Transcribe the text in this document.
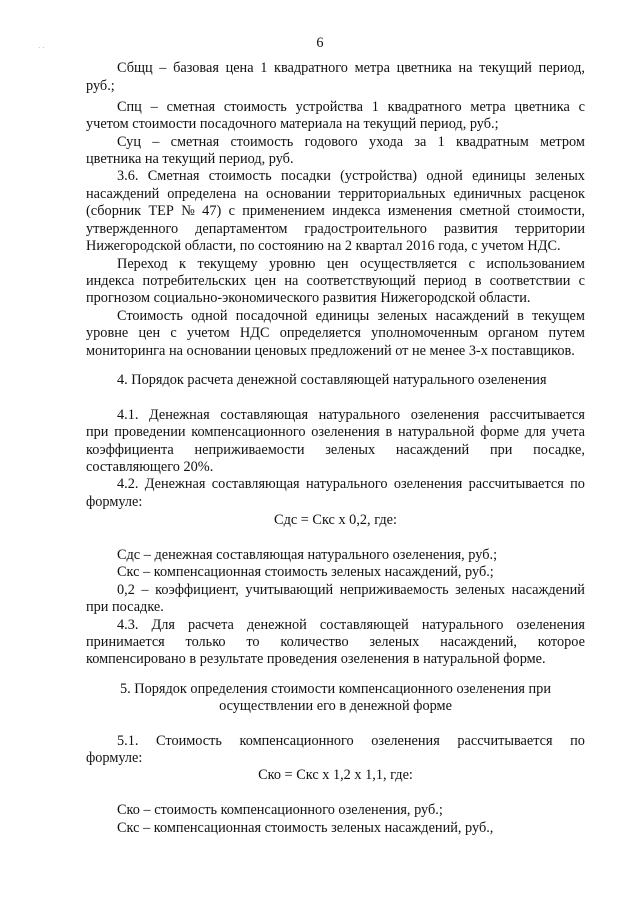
· ·	6
Сбщц – базовая цена 1 квадратного метра цветника на текущий период,
руб.;
Спц – сметная стоимость устройства 1 квадратного метра цветника с
учетом стоимости посадочного материала на текущий период, руб.;
Суц – сметная стоимость годового ухода за 1 квадратным метром
цветника на текущий период, руб.
3.6. Сметная стоимость посадки (устройства) одной единицы зеленых
насаждений определена на основании территориальных единичных расценок
(сборник ТЕР № 47) с применением индекса изменения сметной стоимости,
утвержденного департаментом градостроительного развития территории
Нижегородской области, по состоянию на 2 квартал 2016 года, с учетом НДС.
Переход к текущему уровню цен осуществляется с использованием
индекса потребительских цен на соответствующий период в соответствии с
прогнозом социально-экономического развития Нижегородской области.
Стоимость одной посадочной единицы зеленых насаждений в текущем
уровне цен с учетом НДС определяется уполномоченным органом путем
мониторинга на основании ценовых предложений от не менее 3-х поставщиков.
4. Порядок расчета денежной составляющей натурального озеленения
4.1. Денежная составляющая натурального озеленения рассчитывается
при проведении компенсационного озеленения в натуральной форме для учета
коэффициента неприживаемости зеленых насаждений при посадке,
составляющего 20%.
4.2. Денежная составляющая натурального озеленения рассчитывается по
формуле:
Сдс = Скс х 0,2, где:
Сдс – денежная составляющая натурального озеленения, руб.;
Скс – компенсационная стоимость зеленых насаждений, руб.;
0,2 – коэффициент, учитывающий неприживаемость зеленых насаждений
при посадке.
4.3. Для расчета денежной составляющей натурального озеленения
принимается только то количество зеленых насаждений, которое
компенсировано в результате проведения озеленения в натуральной форме.
5. Порядок определения стоимости компенсационного озеленения при
осуществлении его в денежной форме
5.1. Стоимость компенсационного озеленения рассчитывается по
формуле:
Ско = Скс х 1,2 х 1,1, где:
Ско – стоимость компенсационного озеленения, руб.;
Скс – компенсационная стоимость зеленых насаждений, руб.,
